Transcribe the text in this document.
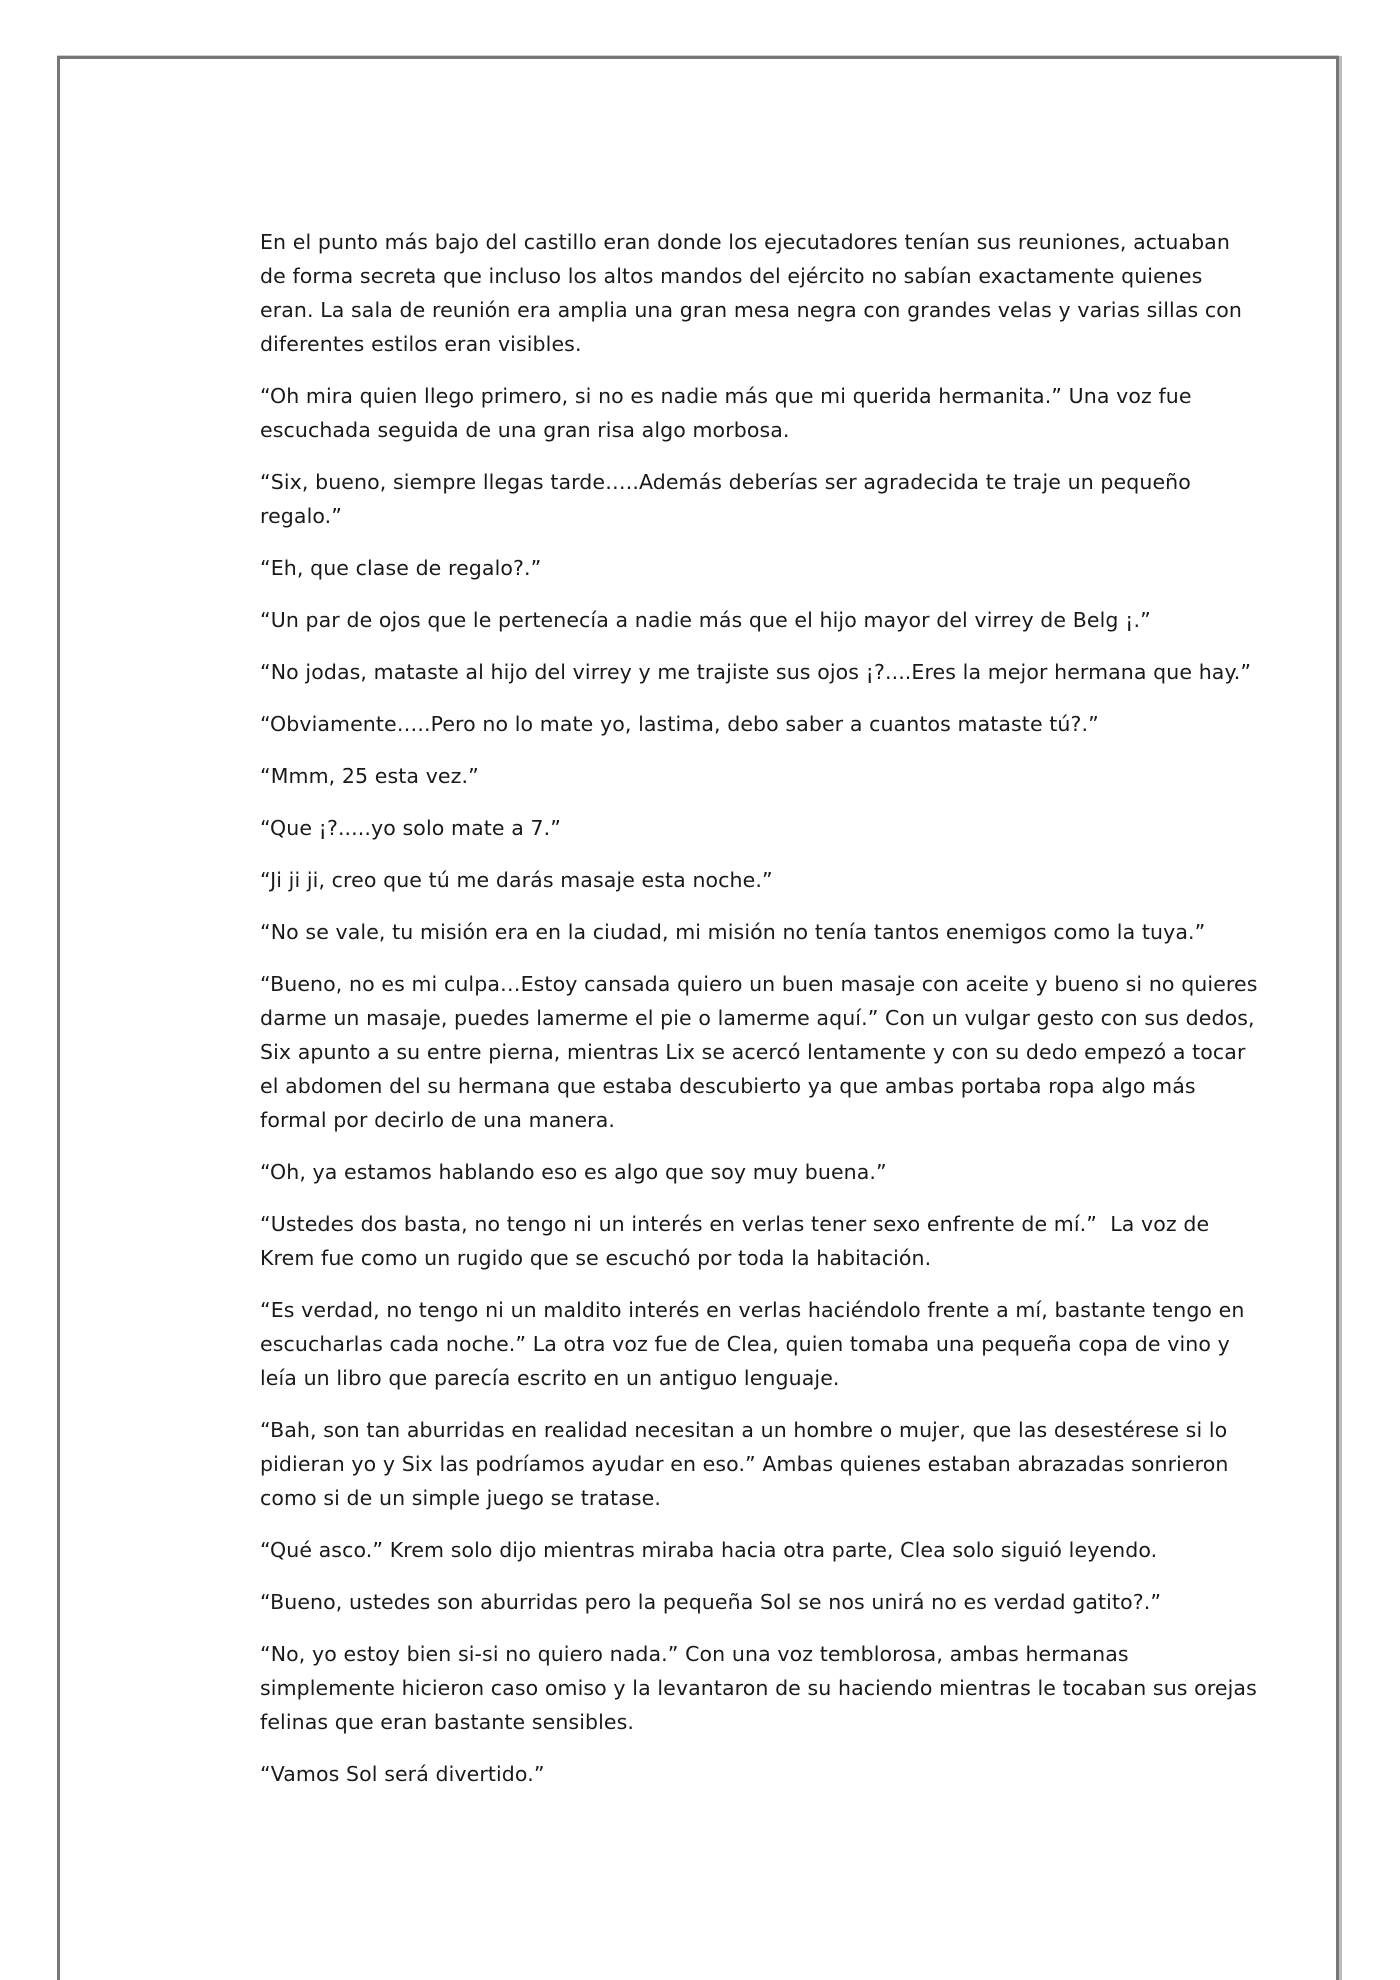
En el punto más bajo del castillo eran donde los ejecutadores tenían sus reuniones, actuaban de forma secreta que incluso los altos mandos del ejército no sabían exactamente quienes eran. La sala de reunión era amplia una gran mesa negra con grandes velas y varias sillas con diferentes estilos eran visibles.

“Oh mira quien llego primero, si no es nadie más que mi querida hermanita.” Una voz fue escuchada seguida de una gran risa algo morbosa.

“Six, bueno, siempre llegas tarde…..Además deberías ser agradecida te traje un pequeño regalo.”

“Eh, que clase de regalo?.”

“Un par de ojos que le pertenecía a nadie más que el hijo mayor del virrey de Belg ¡.”

“No jodas, mataste al hijo del virrey y me trajiste sus ojos ¡?....Eres la mejor hermana que hay.”

“Obviamente…..Pero no lo mate yo, lastima, debo saber a cuantos mataste tú?.”

“Mmm, 25 esta vez.”

“Que ¡?.....yo solo mate a 7.”

“Ji ji ji, creo que tú me darás masaje esta noche.”

“No se vale, tu misión era en la ciudad, mi misión no tenía tantos enemigos como la tuya.”

“Bueno, no es mi culpa…Estoy cansada quiero un buen masaje con aceite y bueno si no quieres darme un masaje, puedes lamerme el pie o lamerme aquí.” Con un vulgar gesto con sus dedos, Six apunto a su entre pierna, mientras Lix se acercó lentamente y con su dedo empezó a tocar el abdomen del su hermana que estaba descubierto ya que ambas portaba ropa algo más formal por decirlo de una manera.

“Oh, ya estamos hablando eso es algo que soy muy buena.”

“Ustedes dos basta, no tengo ni un interés en verlas tener sexo enfrente de mí.”  La voz de Krem fue como un rugido que se escuchó por toda la habitación.

“Es verdad, no tengo ni un maldito interés en verlas haciéndolo frente a mí, bastante tengo en escucharlas cada noche.” La otra voz fue de Clea, quien tomaba una pequeña copa de vino y leía un libro que parecía escrito en un antiguo lenguaje.

“Bah, son tan aburridas en realidad necesitan a un hombre o mujer, que las desestérese si lo pidieran yo y Six las podríamos ayudar en eso.” Ambas quienes estaban abrazadas sonrieron como si de un simple juego se tratase.

“Qué asco.” Krem solo dijo mientras miraba hacia otra parte, Clea solo siguió leyendo.

“Bueno, ustedes son aburridas pero la pequeña Sol se nos unirá no es verdad gatito?.”

“No, yo estoy bien si-si no quiero nada.” Con una voz temblorosa, ambas hermanas simplemente hicieron caso omiso y la levantaron de su haciendo mientras le tocaban sus orejas felinas que eran bastante sensibles.

“Vamos Sol será divertido.”
